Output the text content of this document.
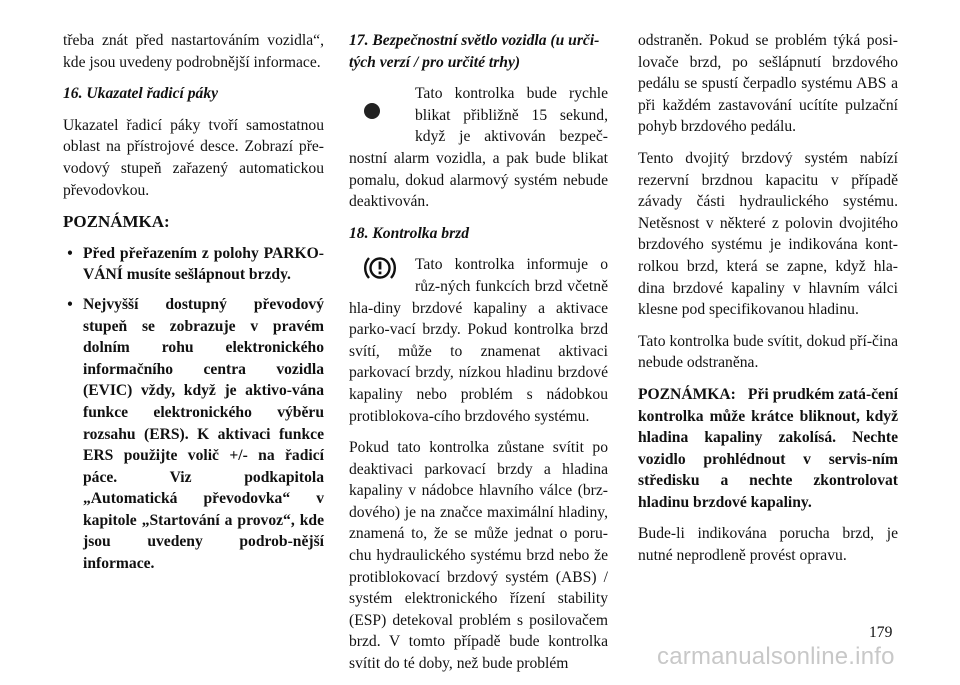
třeba znát před nastartováním vozidla“, kde jsou uvedeny podrobnější informace.

16. Ukazatel řadicí páky

Ukazatel řadicí páky tvoří samostatnou oblast na přístrojové desce. Zobrazí pře-vodový stupeň zařazený automatickou převodovkou.

POZNÁMKA:

• Před přeřazením z polohy PARKO-VÁNÍ musíte sešlápnout brzdy.
• Nejvyšší dostupný převodový stupeň se zobrazuje v pravém dolním rohu elektronického informačního centra vozidla (EVIC) vždy, když je aktivo-vána funkce elektronického výběru rozsahu (ERS). K aktivaci funkce ERS použijte volič +/- na řadicí páce. Viz podkapitola „Automatická převodovka“ v kapitole „Startování a provoz“, kde jsou uvedeny podrob-nější informace.

17. Bezpečnostní světlo vozidla (u urči-tých verzí / pro určité trhy)

Tato kontrolka bude rychle blikat přibližně 15 sekund, když je aktivován bezpeč-nostní alarm vozidla, a pak bude blikat pomalu, dokud alarmový systém nebude deaktivován.

18. Kontrolka brzd

Tato kontrolka informuje o růz-ných funkcích brzd včetně hla-diny brzdové kapaliny a aktivace parko-vací brzdy. Pokud kontrolka brzd svítí, může to znamenat aktivaci parkovací brzdy, nízkou hladinu brzdové kapaliny nebo problém s nádobkou protiblokova-cího brzdového systému.

Pokud tato kontrolka zůstane svítit po deaktivaci parkovací brzdy a hladina kapaliny v nádobce hlavního válce (brz-dového) je na značce maximální hladiny, znamená to, že se může jednat o poru-chu hydraulického systému brzd nebo že protiblokovací brzdový systém (ABS) / systém elektronického řízení stability (ESP) detekoval problém s posilovačem brzd. V tomto případě bude kontrolka svítit do té doby, než bude problém

odstraněn. Pokud se problém týká posi-lovače brzd, po sešlápnutí brzdového pedálu se spustí čerpadlo systému ABS a při každém zastavování ucítíte pulzační pohyb brzdového pedálu.

Tento dvojitý brzdový systém nabízí rezervní brzdnou kapacitu v případě závady části hydraulického systému. Netěsnost v některé z polovin dvojitého brzdového systému je indikována kont-rolkou brzd, která se zapne, když hla-dina brzdové kapaliny v hlavním válci klesne pod specifikovanou hladinu.

Tato kontrolka bude svítit, dokud pří-čina nebude odstraněna.

POZNÁMKA: Při prudkém zatá-čení kontrolka může krátce bliknout, když hladina kapaliny zakolísá. Nechte vozidlo prohlédnout v servis-ním středisku a nechte zkontrolovat hladinu brzdové kapaliny.

Bude-li indikována porucha brzd, je nutné neprodleně provést opravu.

179
carmanualsonline.info
